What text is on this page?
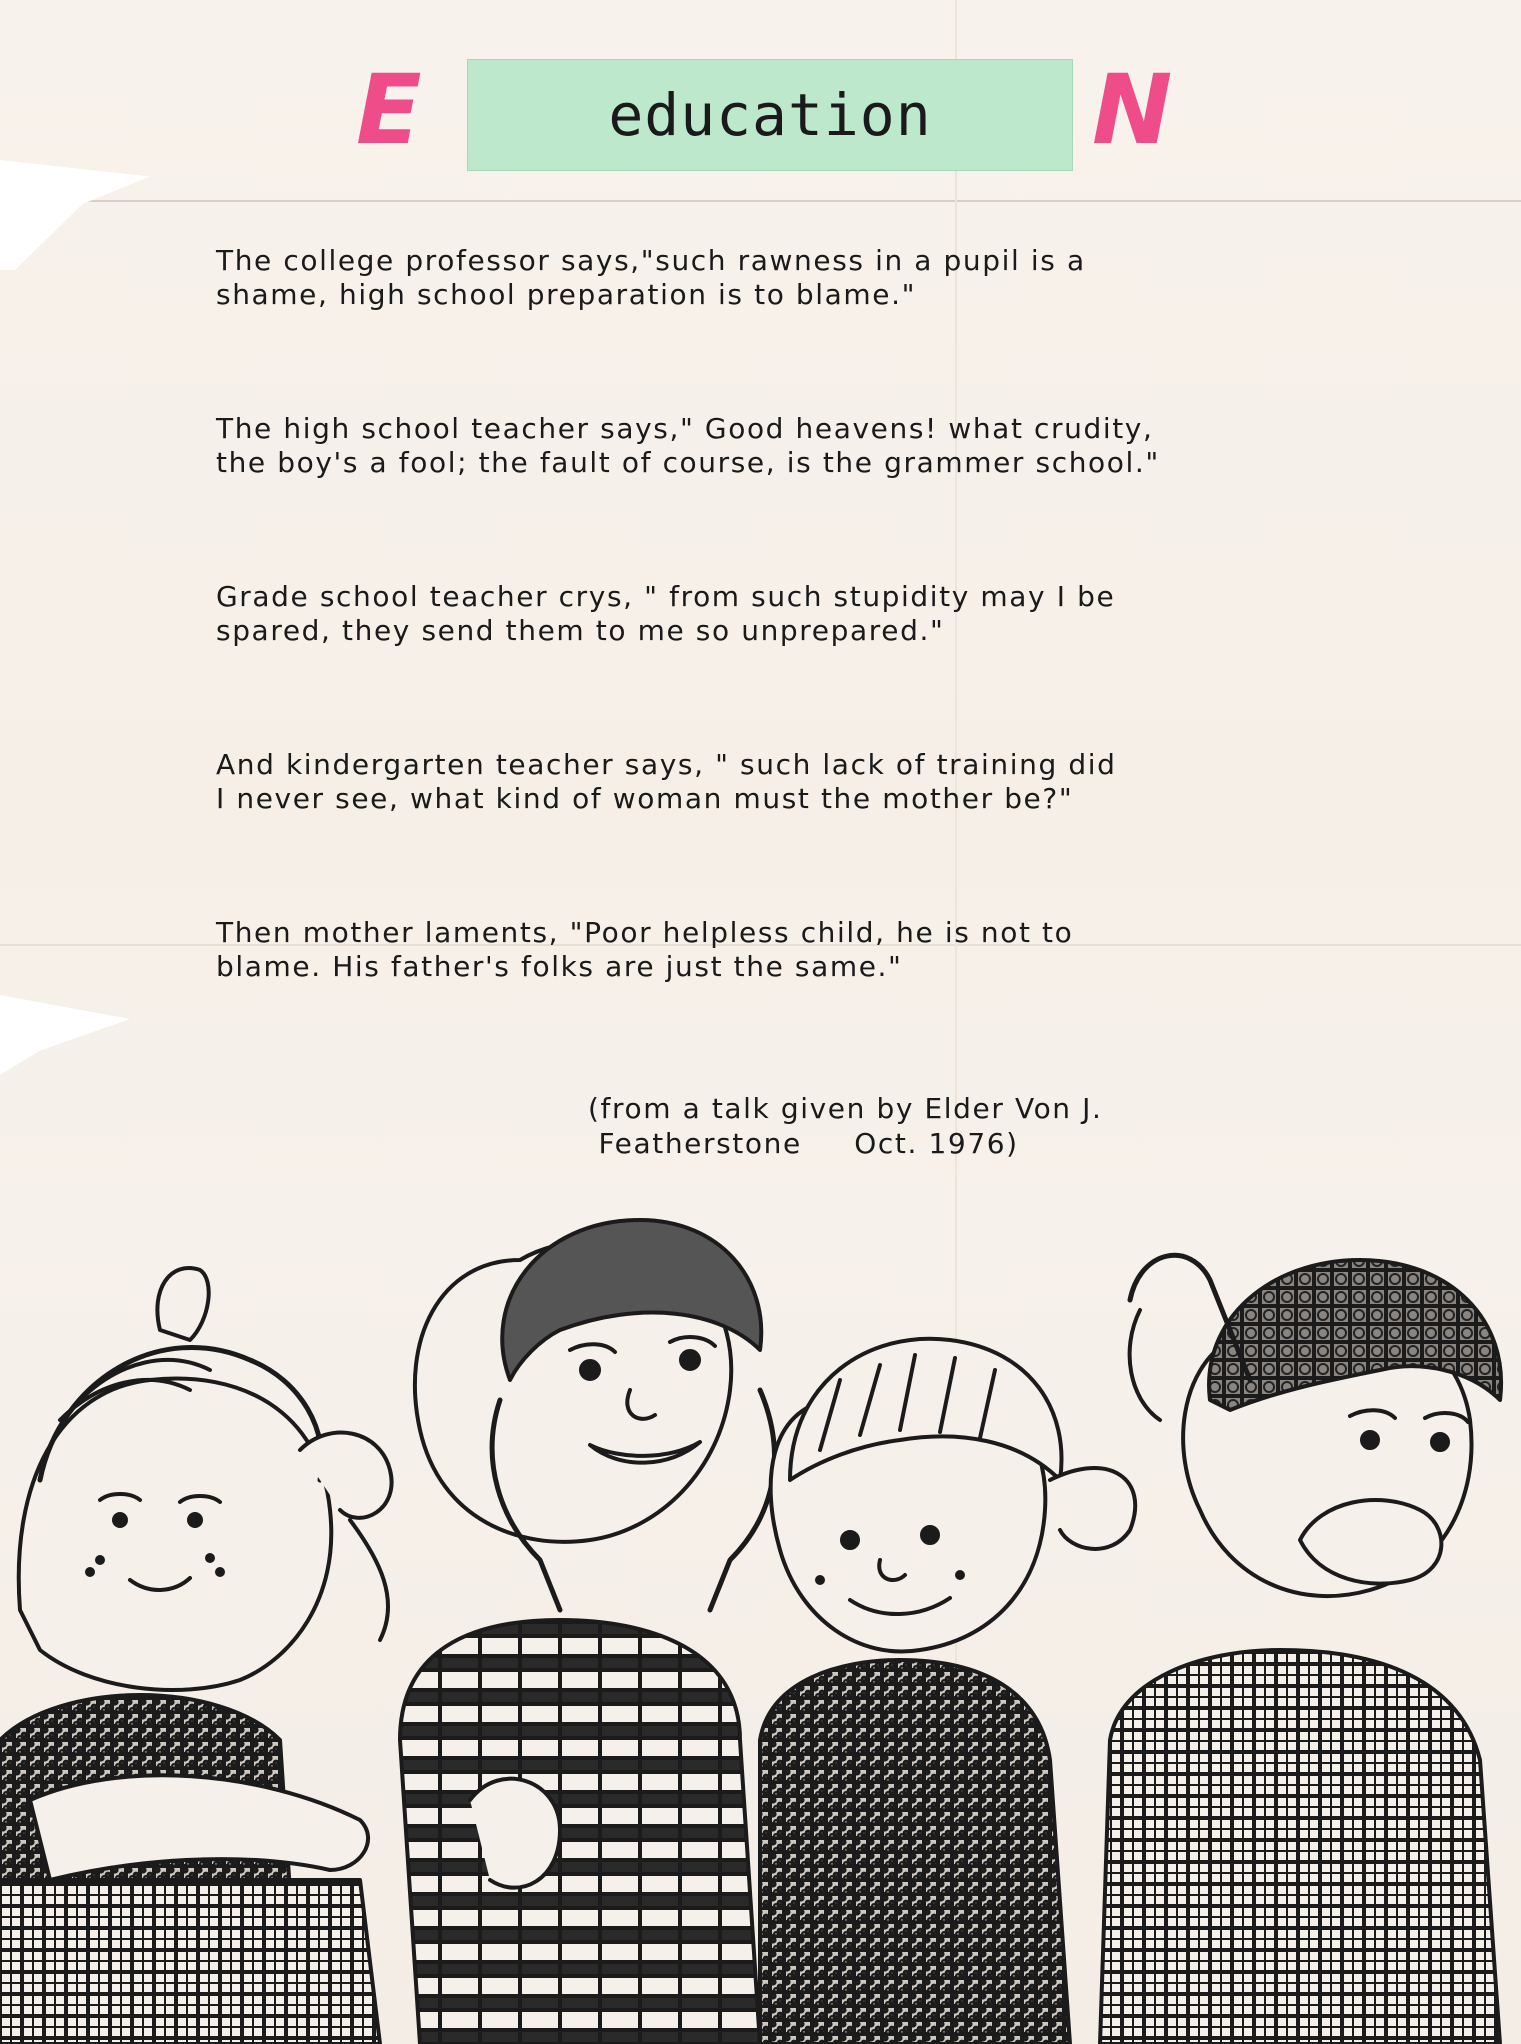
E	N
education

The college professor says,"such rawness in a pupil is a
shame, high school preparation is to blame."

The high school teacher says," Good heavens! what crudity,
the boy's a fool; the fault of course, is the grammer school."

Grade school teacher crys, " from such stupidity may I be
spared, they send them to me so unprepared."

And kindergarten teacher says, " such lack of training did
I never see, what kind of woman must the mother be?"

Then mother laments, "Poor helpless child, he is not to
blame. His father's folks are just the same."

(from a talk given by Elder Von J.
Featherstone     Oct. 1976)
